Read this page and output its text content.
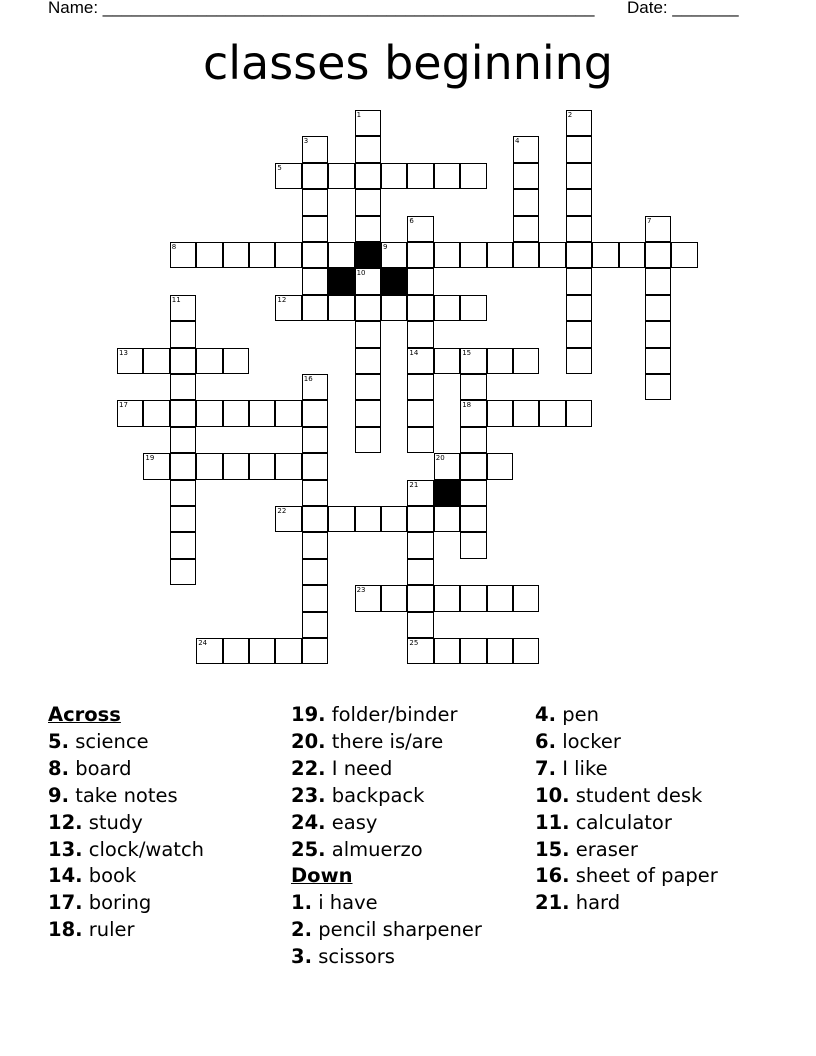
Name: ____________________________________________________ Date: _______
classes beginning
1	2
3	4
5
6
14
7
8	9
10
11	12
13	15
18
16
17
19	20
21
25
22
23
24
Across
5. science
8. board
9. take notes
12. study
13. clock/watch
14. book
17. boring
18. ruler
19. folder/binder
20. there is/are
22. I need
23. backpack
24. easy
25. almuerzo
Down
1. i have
2. pencil sharpener
3. scissors
4. pen
6. locker
7. I like
10. student desk
11. calculator
15. eraser
16. sheet of paper
21. hard
